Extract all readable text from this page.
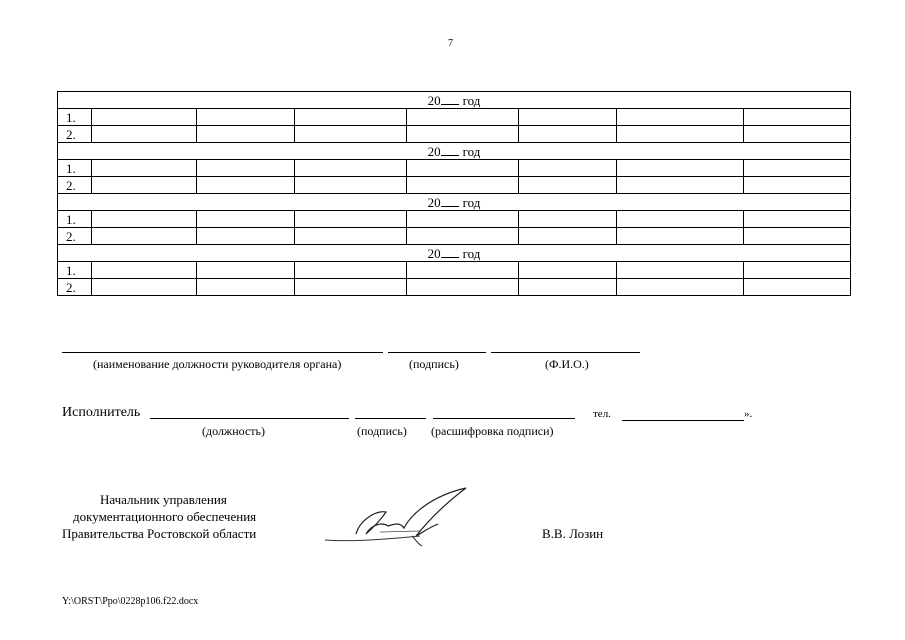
7
20 год							
1.							
2.							
20 год							
1.							
2.							
20 год							
1.							
2.							
20 год							
1.							
2.							
(наименование должности руководителя органа)	(подпись)	(Ф.И.О.)
Исполнитель	тел.	».
(должность)	(подпись) (расшифровка подписи)
Начальник управления
документационного обеспечения
Правительства Ростовской области	В.В. Лозин
Y:\ORST\Ppo\0228p106.f22.docx
